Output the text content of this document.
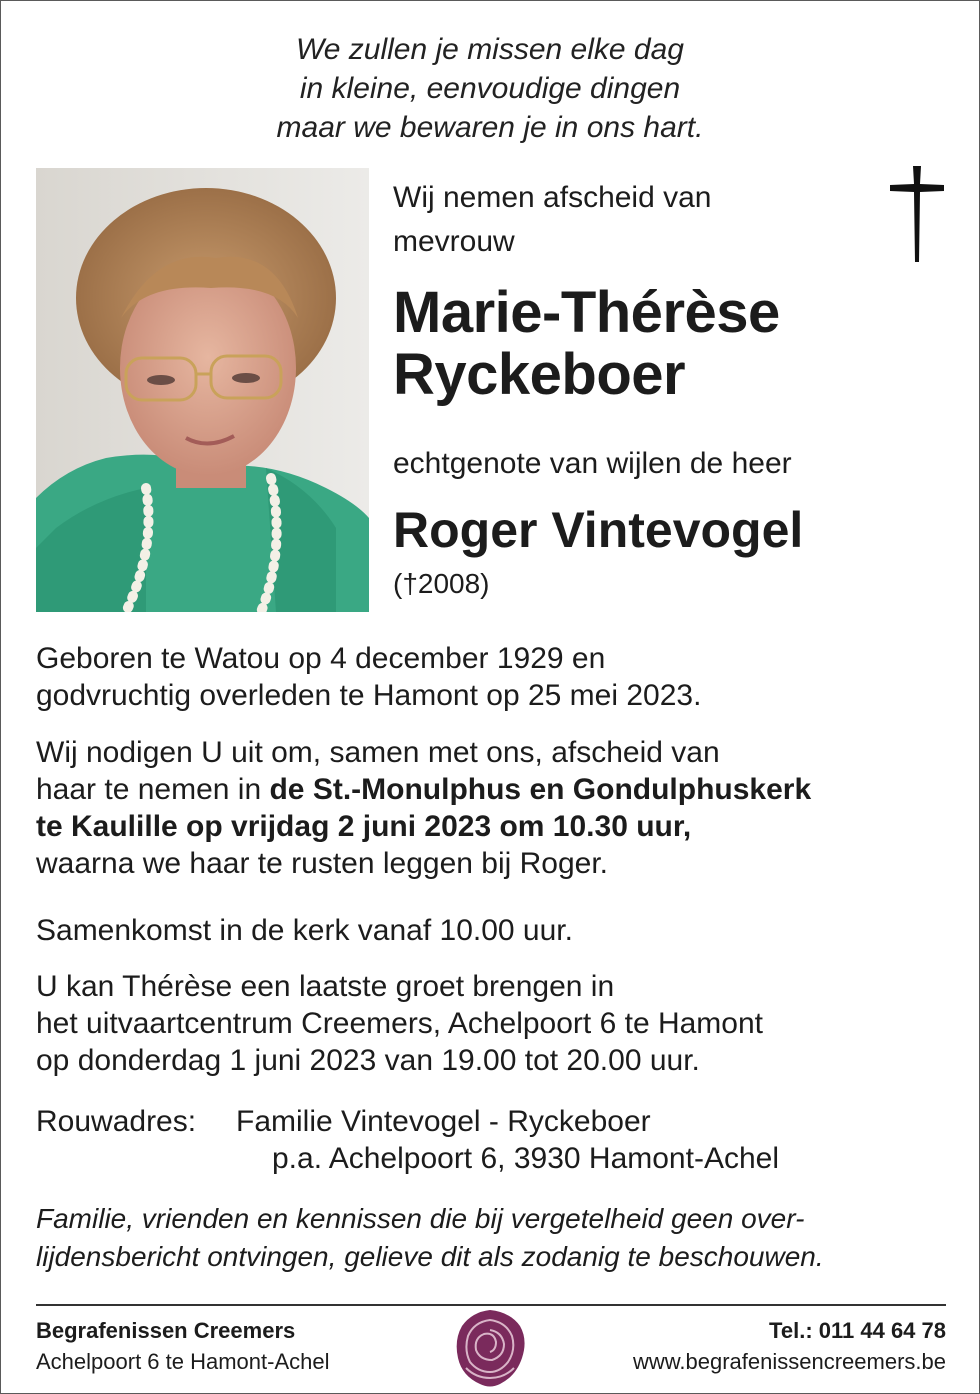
We zullen je missen elke dag
in kleine, eenvoudige dingen
maar we bewaren je in ons hart.
Wij nemen afscheid van
mevrouw
Marie-Thérèse
Ryckeboer
echtgenote van wijlen de heer
Roger Vintevogel
(†2008)
Geboren te Watou op 4 december 1929 en
godvruchtig overleden te Hamont op 25 mei 2023.
Wij nodigen U uit om, samen met ons, afscheid van
haar te nemen in de St.-Monulphus en Gondulphuskerk
te Kaulille op vrijdag 2 juni 2023 om 10.30 uur,
waarna we haar te rusten leggen bij Roger.
Samenkomst in de kerk vanaf 10.00 uur.
U kan Thérèse een laatste groet brengen in
het uitvaartcentrum Creemers, Achelpoort 6 te Hamont
op donderdag 1 juni 2023 van 19.00 tot 20.00 uur.
Rouwadres:	Familie Vintevogel - Ryckeboer
p.a. Achelpoort 6, 3930 Hamont-Achel
Familie, vrienden en kennissen die bij vergetelheid geen over-
lijdensbericht ontvingen, gelieve dit als zodanig te beschouwen.
Begrafenissen Creemers
Achelpoort 6 te Hamont-Achel
Tel.: 011 44 64 78
www.begrafenissencreemers.be
